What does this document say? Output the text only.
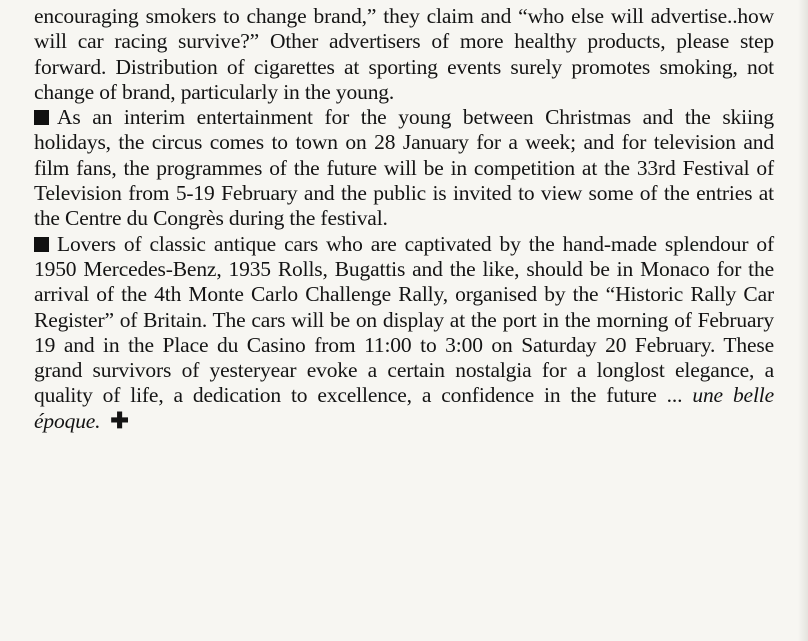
encouraging smokers to change brand,” they claim and “who else will advertise..how will car racing survive?” Other advertisers of more healthy products, please step forward. Distribution of cigarettes at sporting events surely promotes smoking, not change of brand, particularly in the young.

As an interim entertainment for the young between Christmas and the skiing holidays, the circus comes to town on 28 January for a week; and for television and film fans, the programmes of the future will be in competition at the 33rd Festival of Television from 5-19 February and the public is invited to view some of the entries at the Centre du Congrès during the festival.

Lovers of classic antique cars who are captivated by the hand-made splendour of 1950 Mercedes-Benz, 1935 Rolls, Bugattis and the like, should be in Monaco for the arrival of the 4th Monte Carlo Challenge Rally, organised by the “Historic Rally Car Register” of Britain. The cars will be on display at the port in the morning of February 19 and in the Place du Casino from 11:00 to 3:00 on Saturday 20 February. These grand survivors of yesteryear evoke a certain nostalgia for a longlost elegance, a quality of life, a dedication to excellence, a confidence in the future ... une belle époque. ✚
